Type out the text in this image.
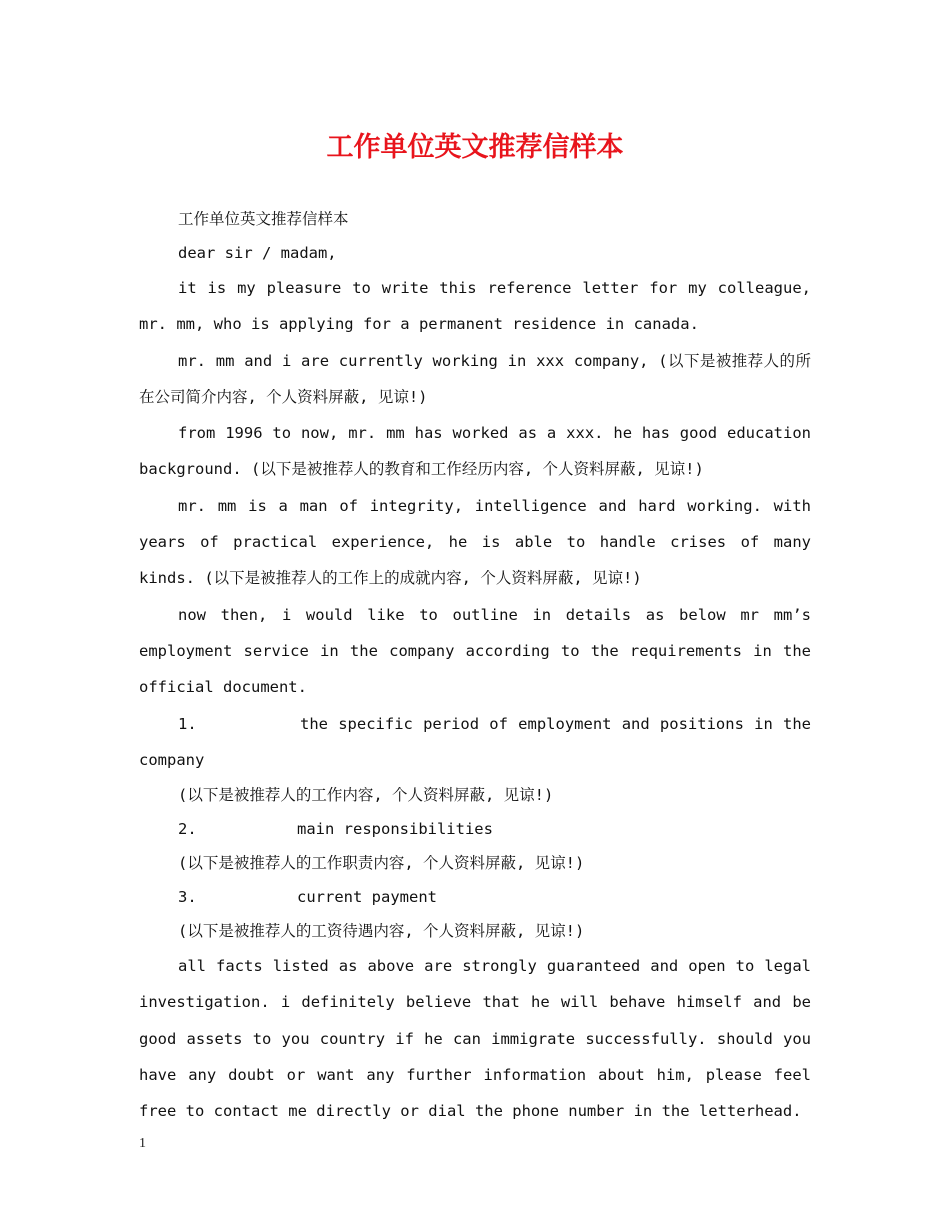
工作单位英文推荐信样本

工作单位英文推荐信样本

dear sir / madam,

it is my pleasure to write this reference letter for my colleague, mr. mm, who is applying for a permanent residence in canada.

mr. mm and i are currently working in xxx company, (以下是被推荐人的所在公司简介内容, 个人资料屏蔽, 见谅!)

from 1996 to now, mr. mm has worked as a xxx. he has good education background. (以下是被推荐人的教育和工作经历内容, 个人资料屏蔽, 见谅!)

mr. mm is a man of integrity, intelligence and hard working. with years of practical experience, he is able to handle crises of many kinds. (以下是被推荐人的工作上的成就内容, 个人资料屏蔽, 见谅!)

now then, i would like to outline in details as below mr mm’s employment service in the company according to the requirements in the official document.

1.	the specific period of employment and positions in the company

(以下是被推荐人的工作内容, 个人资料屏蔽, 见谅!)

2.	main responsibilities

(以下是被推荐人的工作职责内容, 个人资料屏蔽, 见谅!)

3.	current payment

(以下是被推荐人的工资待遇内容, 个人资料屏蔽, 见谅!)

all facts listed as above are strongly guaranteed and open to legal investigation. i definitely believe that he will behave himself and be good assets to you country if he can immigrate successfully. should you have any doubt or want any further information about him, please feel free to contact me directly or dial the phone number in the letterhead.

1
